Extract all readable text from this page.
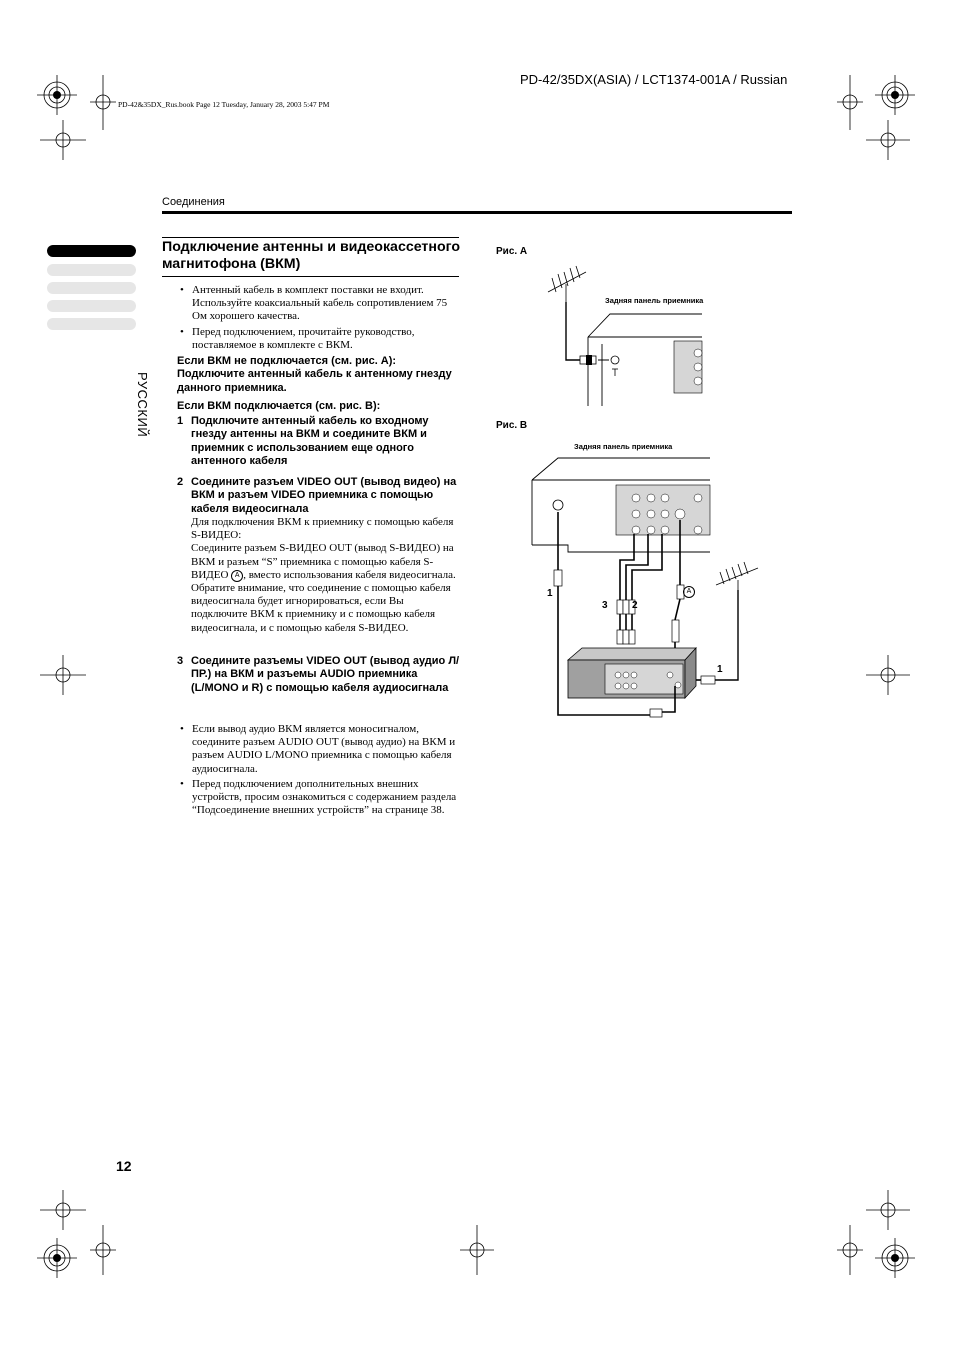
PD-42/35DX(ASIA) / LCT1374-001A / Russian
PD-42&35DX_Rus.book Page 12 Tuesday, January 28, 2003 5:47 PM
Соединения
РУССКИЙ
Подключение антенны и видеокассетного магнитофона (ВКМ)
• Антенный кабель в комплект поставки не входит. Используйте коаксиальный кабель сопротивлением 75 Ом хорошего качества.
• Перед подключением, прочитайте руководство, поставляемое в комплекте с ВКМ.
Если ВКМ не подключается (см. рис. A):
Подключите антенный кабель к антенному гнезду данного приемника.
Если ВКМ подключается (см. рис. B):
1 Подключите антенный кабель ко входному гнезду антенны на ВКМ и соедините ВКМ и приемник с использованием еще одного антенного кабеля
2 Соедините разъем VIDEO OUT (вывод видео) на ВКМ и разъем VIDEO приемника с помощью кабеля видеосигнала
Для подключения ВКМ к приемнику с помощью кабеля S-ВИДЕО:
Соедините разъем S-ВИДЕО OUT (вывод S-ВИДЕО) на ВКМ и разъем “S” приемника с помощью кабеля S-ВИДЕО A , вместо использования кабеля видеосигнала.
Обратите внимание, что соединение с помощью кабеля видеосигнала будет игнорироваться, если Вы подключите ВКМ к приемнику и с помощью кабеля видеосигнала, и с помощью кабеля S-ВИДЕО.
3 Соедините разъемы VIDEO OUT (вывод аудио Л/ПР.) на ВКМ и разъемы AUDIO приемника (L/MONO и R) с помощью кабеля аудиосигнала
• Если вывод аудио ВКМ является моносигналом, соедините разъем AUDIO OUT (вывод аудио) на ВКМ и разъем AUDIO L/MONO приемника с помощью кабеля аудиосигнала.
• Перед подключением дополнительных внешних устройств, просим ознакомиться с содержанием раздела “Подсоединение внешних устройств” на странице 38.
Рис. A
Задняя панель приемника
Рис. B
Задняя панель приемника
1
3 2
A
1
12
